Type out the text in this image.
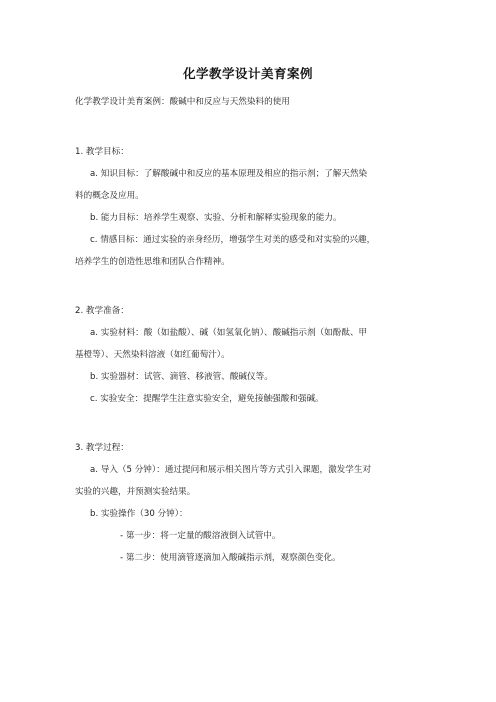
化学教学设计美育案例
化学教学设计美育案例：酸碱中和反应与天然染料的使用
1. 教学目标：
a. 知识目标：了解酸碱中和反应的基本原理及相应的指示剂；了解天然染
料的概念及应用。
b. 能力目标：培养学生观察、实验、分析和解释实验现象的能力。
c. 情感目标：通过实验的亲身经历，增强学生对美的感受和对实验的兴趣，
培养学生的创造性思维和团队合作精神。
2. 教学准备：
a. 实验材料：酸（如盐酸）、碱（如氢氧化钠）、酸碱指示剂（如酚酞、甲
基橙等）、天然染料溶液（如红葡萄汁）。
b. 实验器材：试管、滴管、移液管、酸碱仪等。
c. 实验安全：提醒学生注意实验安全，避免接触强酸和强碱。
3. 教学过程：
a. 导入（5 分钟）：通过提问和展示相关图片等方式引入课题，激发学生对
实验的兴趣，并预测实验结果。
b. 实验操作（30 分钟）：
- 第一步：将一定量的酸溶液倒入试管中。
- 第二步：使用滴管逐滴加入酸碱指示剂，观察颜色变化。
